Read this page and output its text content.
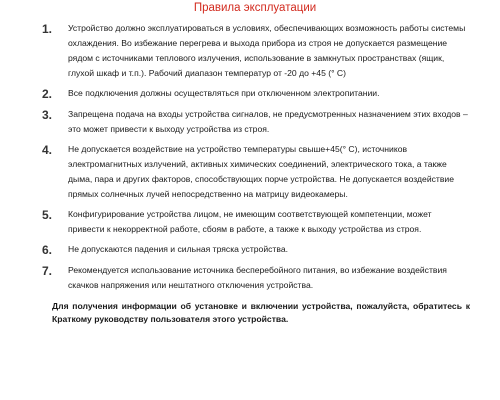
Правила эксплуатации
1.	Устройство должно эксплуатироваться в условиях, обеспечивающих возможность работы системы охлаждения. Во избежание перегрева и выхода прибора из строя не допускается размещение рядом с источниками теплового излучения, использование в замкнутых пространствах (ящик, глухой шкаф и т.п.). Рабочий диапазон температур от -20 до +45 (° С)
2.	Все подключения должны осуществляться при отключенном электропитании.
3.	Запрещена подача на входы устройства сигналов, не предусмотренных назначением этих входов – это может привести к выходу устройства из строя.
4.	Не допускается воздействие на устройство температуры свыше+45(° С), источников электромагнитных излучений, активных химических соединений, электрического тока, а также дыма, пара и других факторов, способствующих порче устройства. Не допускается воздействие прямых солнечных лучей непосредственно на матрицу видеокамеры.
5.	Конфигурирование устройства лицом, не имеющим соответствующей компетенции, может привести к некорректной работе, сбоям в работе, а также к выходу устройства из строя.
6.	Не допускаются падения и сильная тряска устройства.
7.	Рекомендуется использование источника бесперебойного питания, во избежание воздействия скачков напряжения или нештатного отключения устройства.

Для получения информации об установке и включении устройства, пожалуйста, обратитесь к Краткому руководству пользователя этого устройства.
